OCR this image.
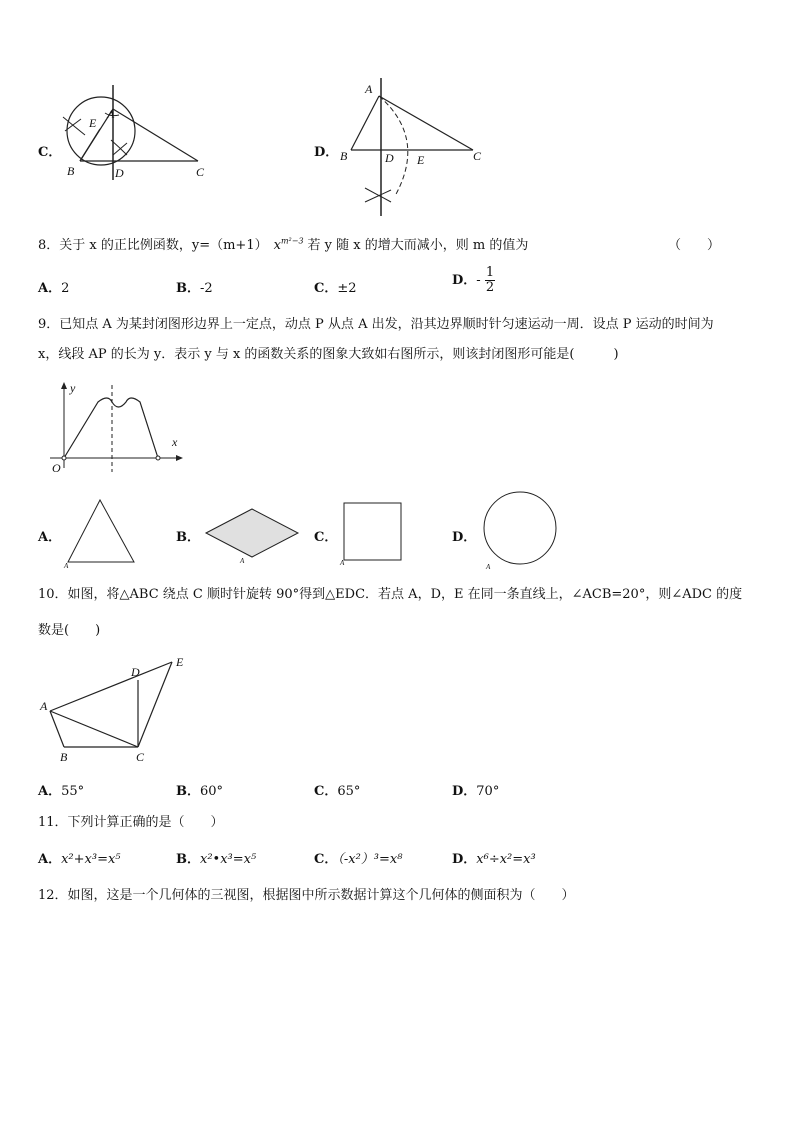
C．
B	D	C
E
A
D．
A
B	D E	C
8．关于 x 的正比例函数，y=（m+1） $x^{m^2-3}$ 若 y 随 x 的增大而减小，则 m 的值为	（　　）
A．2	B．-2	C．±2
D．- $\frac{1}{2}$
9．已知点 A 为某封闭图形边界上一定点，动点 P 从点 A 出发，沿其边界顺时针匀速运动一周．设点 P 运动的时间为
x，线段 AP 的长为 y．表示 y 与 x 的函数关系的图象大致如右图所示，则该封闭图形可能是(　　　)
y
x
O
A．
A
B．
A
C．
A
D．
A
10．如图，将△ABC 绕点 C 顺时针旋转 90°得到△EDC．若点 A，D，E 在同一条直线上，∠ACB=20°，则∠ADC 的度
数是(　　)
A
B	C
D
E
A．55°	B．60°	C．65°	D．70°
11．下列计算正确的是（　　）
A．x²+x³=x⁵	B．x²•x³=x⁵	C．（-x²）³=x⁸	D．x⁶÷x²=x³
12．如图，这是一个几何体的三视图，根据图中所示数据计算这个几何体的侧面积为（　　）
